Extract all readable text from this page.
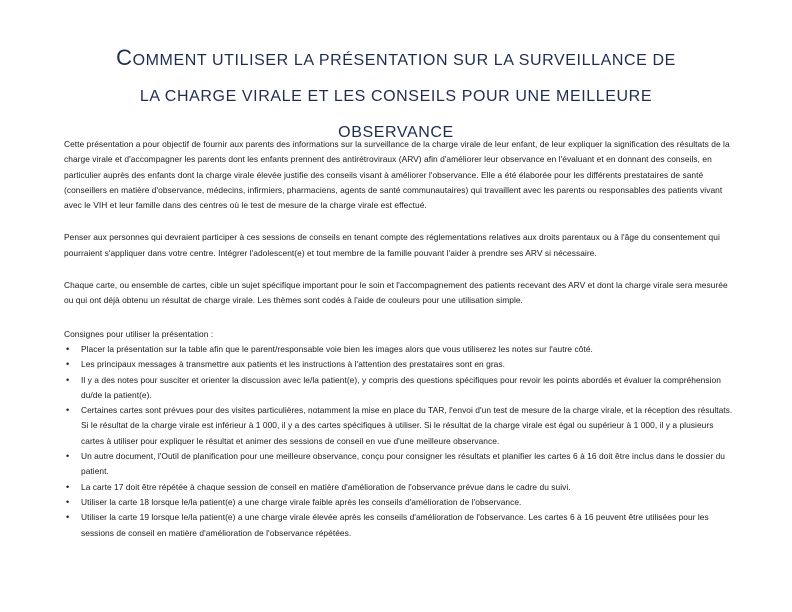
COMMENT UTILISER LA PRÉSENTATION SUR LA SURVEILLANCE DE
LA CHARGE VIRALE ET LES CONSEILS POUR UNE MEILLEURE
OBSERVANCE

Cette présentation a pour objectif de fournir aux parents des informations sur la surveillance de la charge virale de leur enfant, de leur expliquer la signification des résultats de la charge virale et d'accompagner les parents dont les enfants prennent des antirétroviraux (ARV) afin d'améliorer leur observance en l'évaluant et en donnant des conseils, en particulier auprès des enfants dont la charge virale élevée justifie des conseils visant à améliorer l'observance. Elle a été élaborée pour les différents prestataires de santé (conseillers en matière d'observance, médecins, infirmiers, pharmaciens, agents de santé communautaires) qui travaillent avec les parents ou responsables des patients vivant avec le VIH et leur famille dans des centres où le test de mesure de la charge virale est effectué.

Penser aux personnes qui devraient participer à ces sessions de conseils en tenant compte des réglementations relatives aux droits parentaux ou à l'âge du consentement qui pourraient s'appliquer dans votre centre. Intégrer l'adolescent(e) et tout membre de la famille pouvant l'aider à prendre ses ARV si nécessaire.

Chaque carte, ou ensemble de cartes, cible un sujet spécifique important pour le soin et l'accompagnement des patients recevant des ARV et dont la charge virale sera mesurée ou qui ont déjà obtenu un résultat de charge virale. Les thèmes sont codés à l'aide de couleurs pour une utilisation simple.

Consignes pour utiliser la présentation :

• Placer la présentation sur la table afin que le parent/responsable voie bien les images alors que vous utiliserez les notes sur l'autre côté.
• Les principaux messages à transmettre aux patients et les instructions à l'attention des prestataires sont en gras.
• Il y a des notes pour susciter et orienter la discussion avec le/la patient(e), y compris des questions spécifiques pour revoir les points abordés et évaluer la compréhension du/de la patient(e).
• Certaines cartes sont prévues pour des visites particulières, notamment la mise en place du TAR, l'envoi d'un test de mesure de la charge virale, et la réception des résultats. Si le résultat de la charge virale est inférieur à 1 000, il y a des cartes spécifiques à utiliser. Si le résultat de la charge virale est égal ou supérieur à 1 000, il y a plusieurs cartes à utiliser pour expliquer le résultat et animer des sessions de conseil en vue d'une meilleure observance.
• Un autre document, l'Outil de planification pour une meilleure observance, conçu pour consigner les résultats et planifier les cartes 6 à 16 doit être inclus dans le dossier du patient.
• La carte 17 doit être répétée à chaque session de conseil en matière d'amélioration de l'observance prévue dans le cadre du suivi.
• Utiliser la carte 18 lorsque le/la patient(e) a une charge virale faible après les conseils d'amélioration de l'observance.
• Utiliser la carte 19 lorsque le/la patient(e) a une charge virale élevée après les conseils d'amélioration de l'observance. Les cartes 6 à 16 peuvent être utilisées pour les sessions de conseil en matière d'amélioration de l'observance répétées.
